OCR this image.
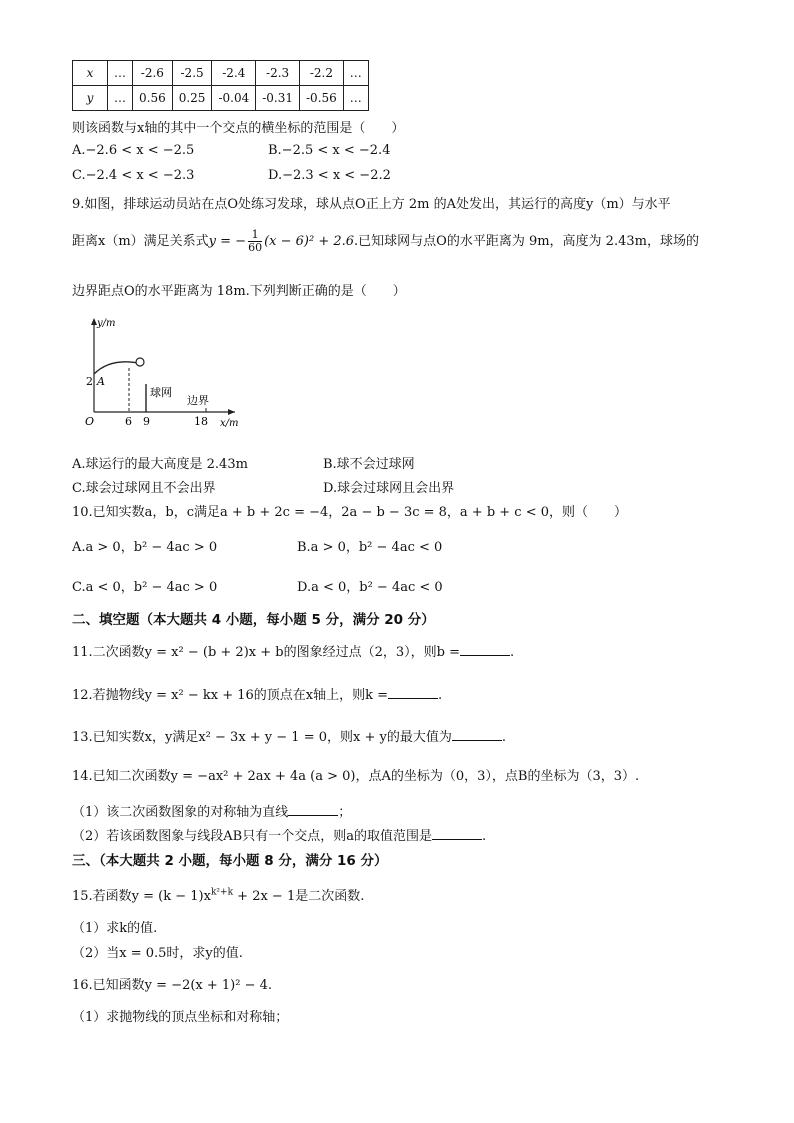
x	…	-2.6	-2.5	-2.4	-2.3	-2.2	…
y	…	0.56	0.25	-0.04	-0.31	-0.56	…
则该函数与x轴的其中一个交点的横坐标的范围是（　　）
A.−2.6 < x < −2.5	B.−2.5 < x < −2.4
C.−2.4 < x < −2.3	D.−2.3 < x < −2.2
9.如图，排球运动员站在点O处练习发球，球从点O正上方 2m 的A处发出，其运行的高度y（m）与水平
距离x（m）满足关系式y = − $\frac{1}{60} (x - 6)^2 + 2.6$.已知球网与点O的水平距离为 9m，高度为 2.43m，球场的
边界距点O的水平距离为 18m.下列判断正确的是（　　）
y/m
x/m
O
2 A
6 9	18
球网
边界
A.球运行的最大高度是 2.43m	B.球不会过球网
C.球会过球网且不会出界	D.球会过球网且会出界
10.已知实数a，b，c满足a + b + 2c = −4，2a − b − 3c = 8，a + b + c < 0，则（　　）
A.a > 0，b² − 4ac > 0	B.a > 0，b² − 4ac < 0
C.a < 0，b² − 4ac > 0	D.a < 0，b² − 4ac < 0
二、填空题（本大题共 4 小题，每小题 5 分，满分 20 分）
11.二次函数y = x² − (b + 2)x + b的图象经过点（2，3），则b =	.
12.若抛物线y = x² − kx + 16的顶点在x轴上，则k =	.
13.已知实数x，y满足x² − 3x + y − 1 = 0，则x + y的最大值为	.
14.已知二次函数y = −ax² + 2ax + 4a (a > 0)，点A的坐标为（0，3），点B的坐标为（3，3）.
（1）该二次函数图象的对称轴为直线	；
（2）若该函数图象与线段AB只有一个交点，则a的取值范围是	.
三、（本大题共 2 小题，每小题 8 分，满分 16 分）
15.若函数$y = (k - 1)x^{k^2+k} + 2x - 1$是二次函数.
（1）求k的值.
（2）当x = 0.5时，求y的值.
16.已知函数y = −2(x + 1)² − 4.
（1）求抛物线的顶点坐标和对称轴；
